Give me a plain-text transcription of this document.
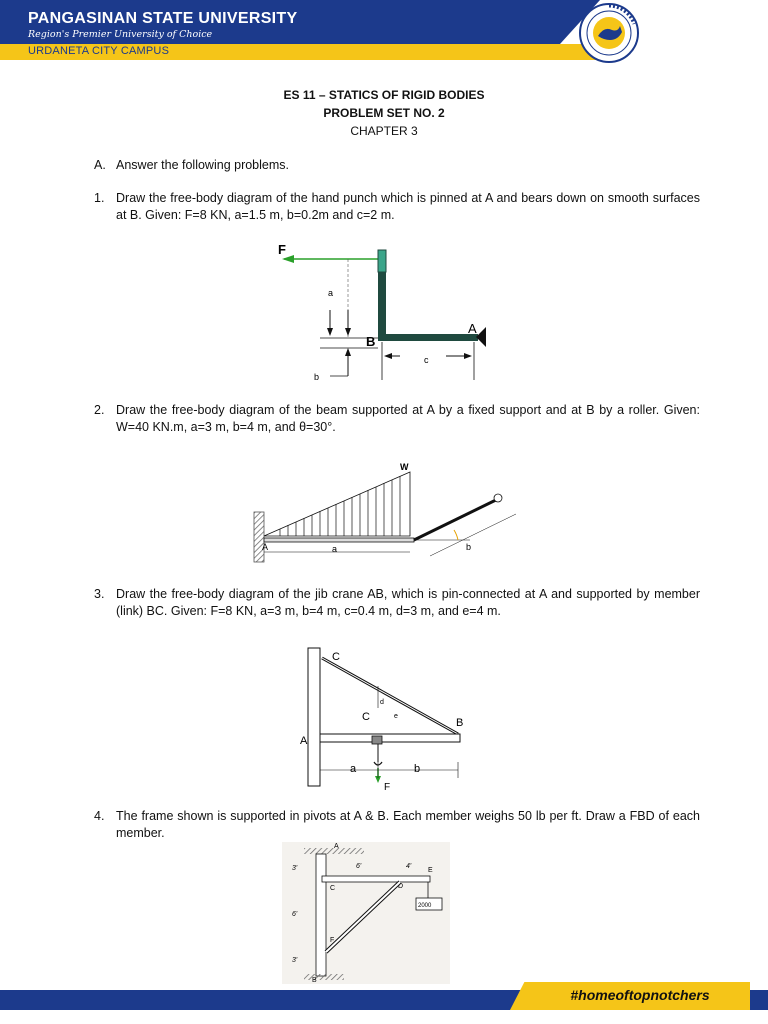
PANGASINAN STATE UNIVERSITY
Region's Premier University of Choice
URDANETA CITY CAMPUS
ES 11 – STATICS OF RIGID BODIES
PROBLEM SET NO. 2
CHAPTER 3
A. Answer the following problems.
1. Draw the free-body diagram of the hand punch which is pinned at A and bears down on smooth surfaces at B. Given: F=8 KN, a=1.5 m, b=0.2m and c=2 m.
F
A
B
a
b
c
2. Draw the free-body diagram of the beam supported at A by a fixed support and at B by a roller. Given: W=40 KN.m, a=3 m, b=4 m, and θ=30°.
W
A	a	b
3. Draw the free-body diagram of the jib crane AB, which is pin-connected at A and supported by member (link) BC. Given: F=8 KN, a=3 m, b=4 m, c=0.4 m, d=3 m, and e=4 m.
C
B
A
C
d
e
F
a	b
4. The frame shown is supported in pivots at A & B. Each member weighs 50 lb per ft. Draw a FBD of each member.
A
B
C	D
E
F
2000
3'
6'
6'	4'
3'
#homeoftopnotchers
